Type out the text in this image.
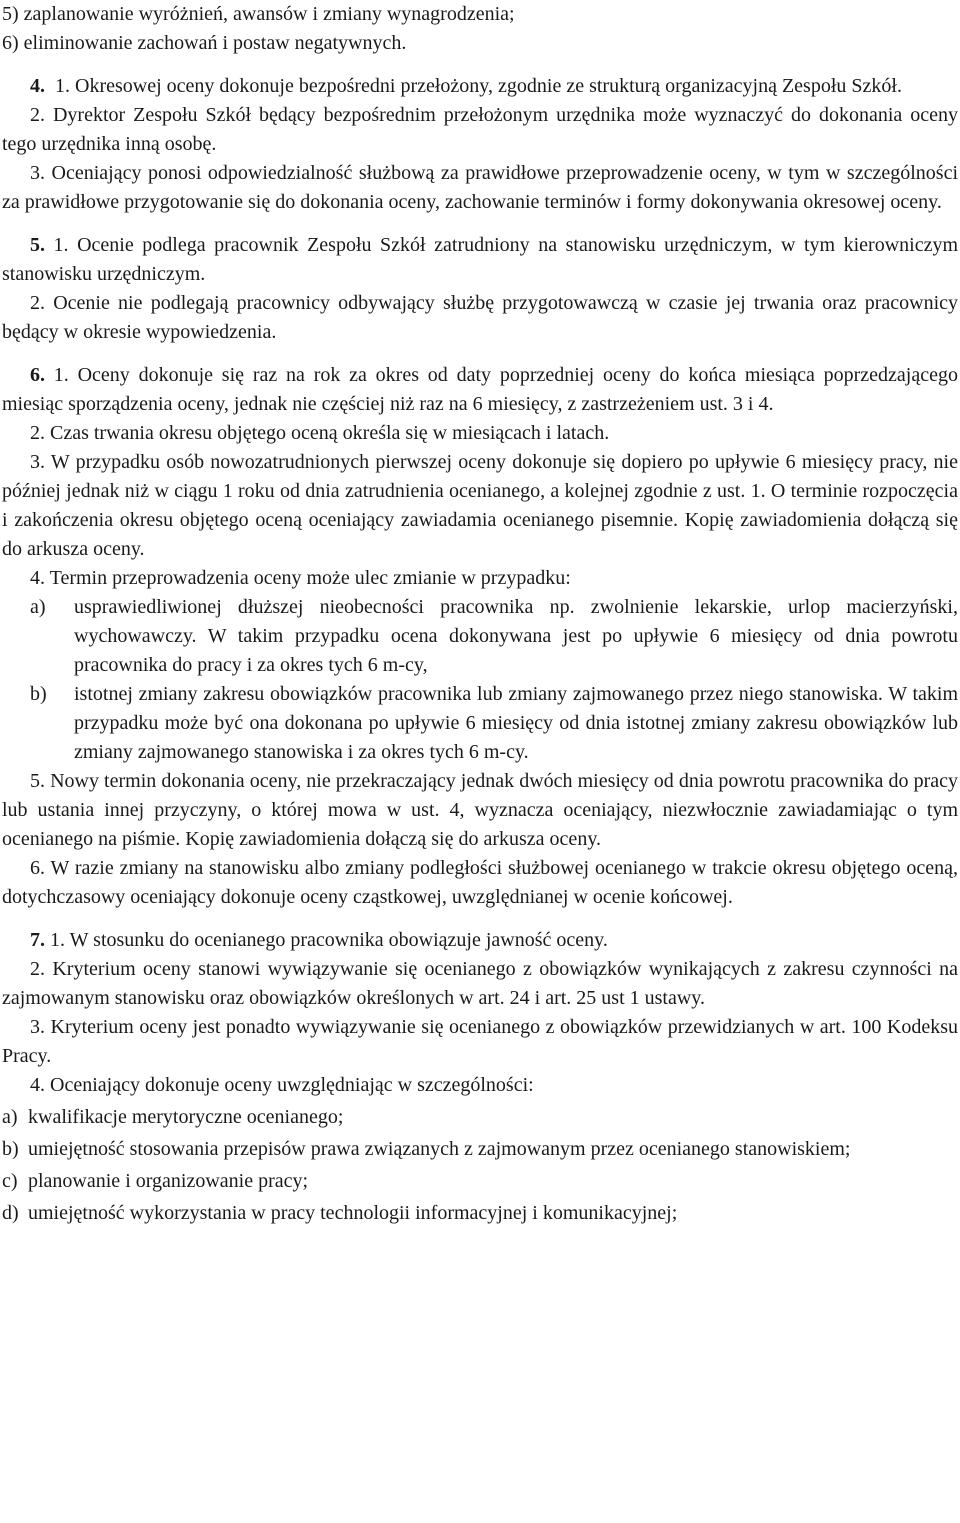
5) zaplanowanie wyróżnień, awansów i zmiany wynagrodzenia;

6) eliminowanie zachowań i postaw negatywnych.

4. 1. Okresowej oceny dokonuje bezpośredni przełożony, zgodnie ze strukturą organizacyjną Zespołu Szkół.

2. Dyrektor Zespołu Szkół będący bezpośrednim przełożonym urzędnika może wyznaczyć do dokonania oceny tego urzędnika inną osobę.

3. Oceniający ponosi odpowiedzialność służbową za prawidłowe przeprowadzenie oceny, w tym w szczególności za prawidłowe przygotowanie się do dokonania oceny, zachowanie terminów i formy dokonywania okresowej oceny.

5. 1. Ocenie podlega pracownik Zespołu Szkół zatrudniony na stanowisku urzędniczym, w tym kierowniczym stanowisku urzędniczym.

2. Ocenie nie podlegają pracownicy odbywający służbę przygotowawczą w czasie jej trwania oraz pracownicy będący w okresie wypowiedzenia.

6. 1. Oceny dokonuje się raz na rok za okres od daty poprzedniej oceny do końca miesiąca poprzedzającego miesiąc sporządzenia oceny, jednak nie częściej niż raz na 6 miesięcy, z zastrzeżeniem ust. 3 i 4.

2. Czas trwania okresu objętego oceną określa się w miesiącach i latach.

3. W przypadku osób nowozatrudnionych pierwszej oceny dokonuje się dopiero po upływie 6 miesięcy pracy, nie później jednak niż w ciągu 1 roku od dnia zatrudnienia ocenianego, a kolejnej zgodnie z ust. 1. O terminie rozpoczęcia i zakończenia okresu objętego oceną oceniający zawiadamia ocenianego pisemnie. Kopię zawiadomienia dołączą się do arkusza oceny.

4. Termin przeprowadzenia oceny może ulec zmianie w przypadku:

a)	usprawiedliwionej dłuższej nieobecności pracownika np. zwolnienie lekarskie, urlop macierzyński, wychowawczy. W takim przypadku ocena dokonywana jest po upływie 6 miesięcy od dnia powrotu pracownika do pracy i za okres tych 6 m-cy,
b)	istotnej zmiany zakresu obowiązków pracownika lub zmiany zajmowanego przez niego stanowiska. W takim przypadku może być ona dokonana po upływie 6 miesięcy od dnia istotnej zmiany zakresu obowiązków lub zmiany zajmowanego stanowiska i za okres tych 6 m-cy.

5. Nowy termin dokonania oceny, nie przekraczający jednak dwóch miesięcy od dnia powrotu pracownika do pracy lub ustania innej przyczyny, o której mowa w ust. 4, wyznacza oceniający, niezwłocznie zawiadamiając o tym ocenianego na piśmie. Kopię zawiadomienia dołączą się do arkusza oceny.

6. W razie zmiany na stanowisku albo zmiany podległości służbowej ocenianego w trakcie okresu objętego oceną, dotychczasowy oceniający dokonuje oceny cząstkowej, uwzględnianej w ocenie końcowej.

7. 1. W stosunku do ocenianego pracownika obowiązuje jawność oceny.

2. Kryterium oceny stanowi wywiązywanie się ocenianego z obowiązków wynikających z zakresu czynności na zajmowanym stanowisku oraz obowiązków określonych w art. 24 i art. 25 ust 1 ustawy.

3. Kryterium oceny jest ponadto wywiązywanie się ocenianego z obowiązków przewidzianych w art. 100 Kodeksu Pracy.

4. Oceniający dokonuje oceny uwzględniając w szczególności:

a) kwalifikacje merytoryczne ocenianego;
b) umiejętność stosowania przepisów prawa związanych z zajmowanym przez ocenianego stanowiskiem;
c) planowanie i organizowanie pracy;
d) umiejętność wykorzystania w pracy technologii informacyjnej i komunikacyjnej;
